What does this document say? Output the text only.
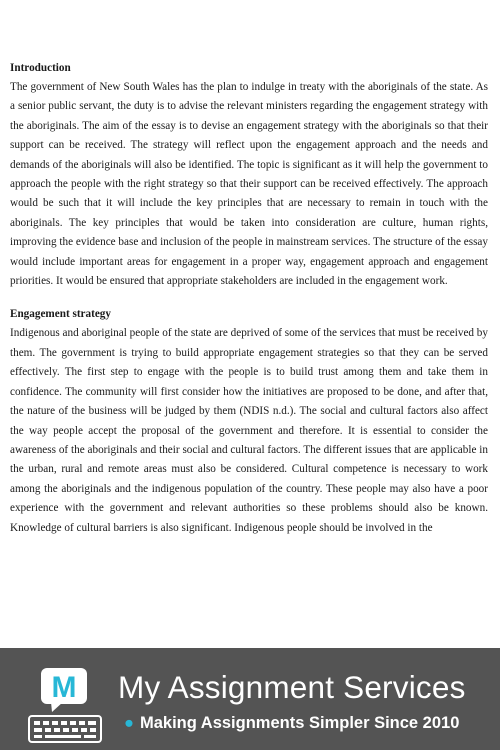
Introduction

The government of New South Wales has the plan to indulge in treaty with the aboriginals of the state. As a senior public servant, the duty is to advise the relevant ministers regarding the engagement strategy with the aboriginals. The aim of the essay is to devise an engagement strategy with the aboriginals so that their support can be received. The strategy will reflect upon the engagement approach and the needs and demands of the aboriginals will also be identified. The topic is significant as it will help the government to approach the people with the right strategy so that their support can be received effectively. The approach would be such that it will include the key principles that are necessary to remain in touch with the aboriginals. The key principles that would be taken into consideration are culture, human rights, improving the evidence base and inclusion of the people in mainstream services. The structure of the essay would include important areas for engagement in a proper way, engagement approach and engagement priorities. It would be ensured that appropriate stakeholders are included in the engagement work.

Engagement strategy

Indigenous and aboriginal people of the state are deprived of some of the services that must be received by them. The government is trying to build appropriate engagement strategies so that they can be served effectively. The first step to engage with the people is to build trust among them and take them in confidence. The community will first consider how the initiatives are proposed to be done, and after that, the nature of the business will be judged by them (NDIS n.d.). The social and cultural factors also affect the way people accept the proposal of the government and therefore. It is essential to consider the awareness of the aboriginals and their social and cultural factors. The different issues that are applicable in the urban, rural and remote areas must also be considered. Cultural competence is necessary to work among the aboriginals and the indigenous population of the country. These people may also have a poor experience with the government and relevant authorities so these problems should also be known. Knowledge of cultural barriers is also significant. Indigenous people should be involved in the

M My Assignment Services
● Making Assignments Simpler Since 2010
